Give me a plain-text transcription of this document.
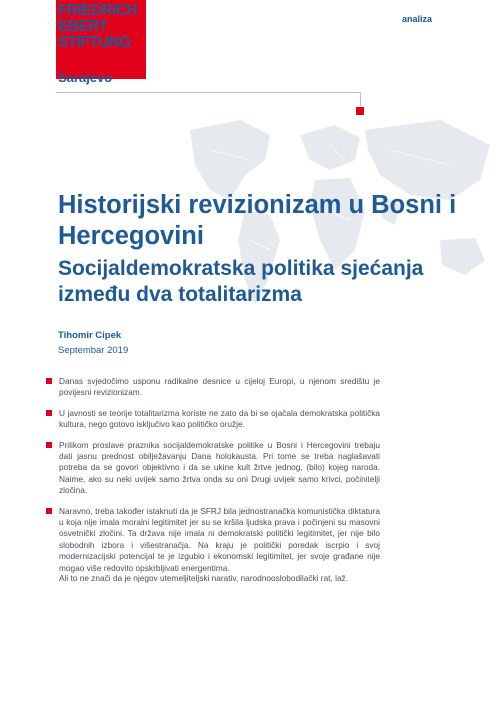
FRIEDRICH
EBERT
STIFTUNG
Sarajevo
analiza
Historijski revizionizam u Bosni i Hercegovini
Socijaldemokratska politika sjećanja između dva totalitarizma
Tihomir Cipek
Septembar 2019
Danas svjedočimo usponu radikalne desnice u cijeloj Europi, u njenom središtu je povijesni revizionizam.
U javnosti se teorije totalitarizma koriste ne zato da bi se ojačala demokratska politička kultura, nego gotovo isključivo kao političko oružje.
Prilikom proslave praznika socijaldemokratske politike u Bosni i Hercegovini trebaju dati jasnu prednost obilježavanju Dana holokausta. Pri tome se treba naglašavati potreba da se govori objektivno i da se ukine kult žrtve jednog, (bilo) kojeg naroda. Naime, ako su neki uvijek samo žrtva onda su oni Drugi uvijek samo krivci, počinitelji zločina.
Naravno, treba također istaknuti da je SFRJ bila jednostranačka komunistička diktatura u koja nije imala moralni legitimitet jer su se kršila ljudska prava i počinjeni su masovni osvetnički zločini. Ta država nije imala ni demokratski politički legitimitet, jer nije bilo slobodnih izbora i višestranačja. Na kraju je politički poredak iscrpio i svoj modernizacijski potencijal te je izgubio i ekonomski legitimitet, jer svoje građane nije mogao više redovito opskrbljivati energentima.
Ali to ne znači da je njegov utemeljiteljski narativ, narodnooslobodilački rat, laž.
